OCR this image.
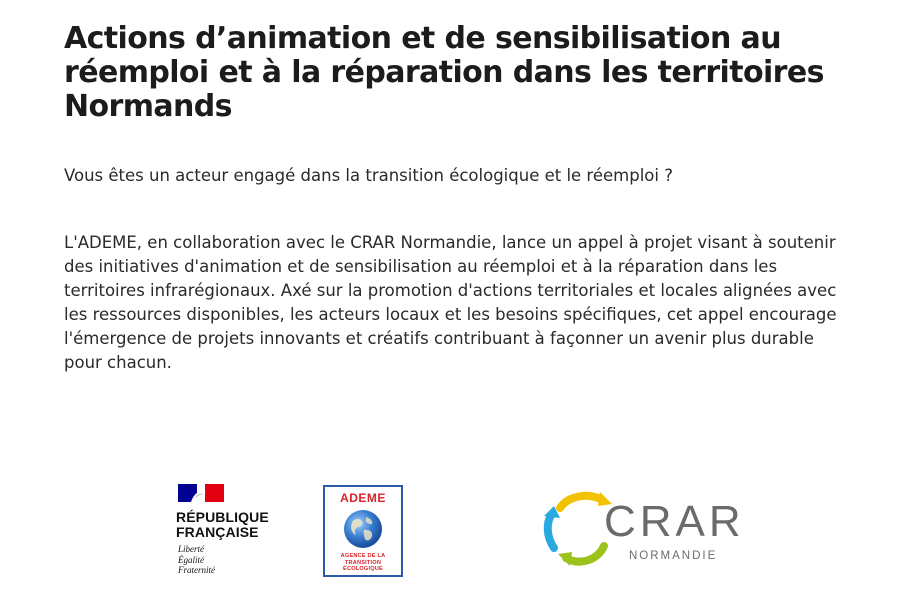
Actions d’animation et de sensibilisation au réemploi et à la réparation dans les territoires Normands

Vous êtes un acteur engagé dans la transition écologique et le réemploi ?

L'ADEME, en collaboration avec le CRAR Normandie, lance un appel à projet visant à soutenir des initiatives d'animation et de sensibilisation au réemploi et à la réparation dans les territoires infrarégionaux. Axé sur la promotion d'actions territoriales et locales alignées avec les ressources disponibles, les acteurs locaux et les besoins spécifiques, cet appel encourage l'émergence de projets innovants et créatifs contribuant à façonner un avenir plus durable pour chacun.

RÉPUBLIQUE
FRANÇAISE
Liberté
Égalité
Fraternité
ADEME
AGENCE DE LA
TRANSITION
ÉCOLOGIQUE
CRAR
NORMANDIE
